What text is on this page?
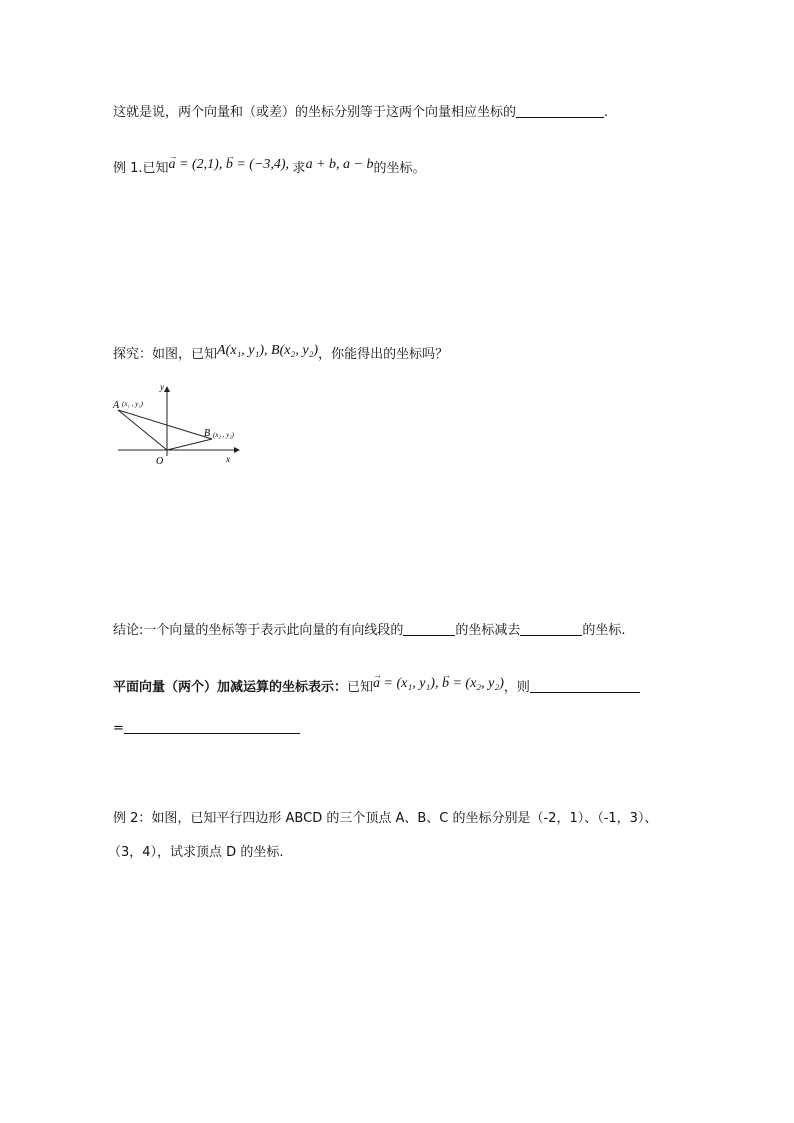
这就是说，两个向量和（或差）的坐标分别等于这两个向量相应坐标的	.
例 1.已知→ a = (2,1), → b = (−3,4), 求a + b, a − b的坐标。
探究：如图，已知A(x₁, y₁), B(x₂, y₂)，你能得出的坐标吗？
y
x
O
A (x₁ , y₁)
B (x₂ , y₂)
结论:一个向量的坐标等于表示此向量的有向线段的	的坐标减去	的坐标.
平面向量（两个）加减运算的坐标表示：已知→ a = (x₁, y₁), → b = (x₂, y₂)，则
=
例 2：如图，已知平行四边形 ABCD 的三个顶点 A、B、C 的坐标分别是（-2，1）、（-1，3）、
（3，4），试求顶点 D 的坐标.
